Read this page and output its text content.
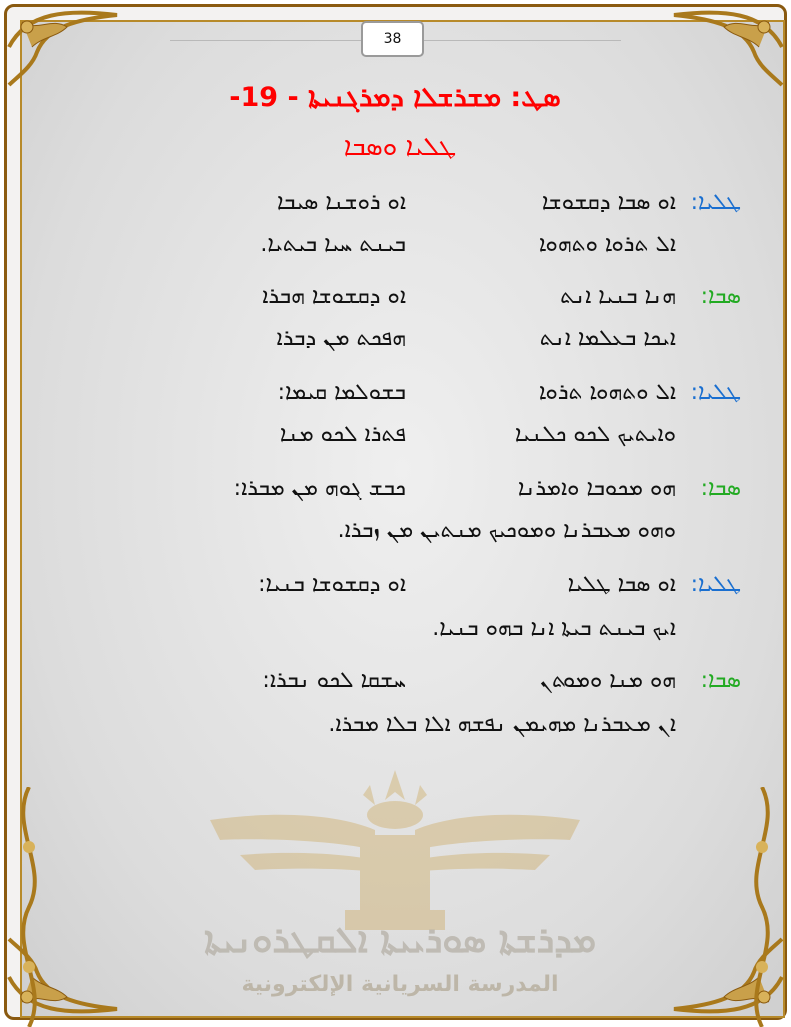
38
ܣܛ: ܡܫܪܫܠܐ ܕܡܪܓܢܝܬܐ - 19-
ܛܠܝܐ ܘܣܒܐ
ܛܠܝܐ:
ܐܘ ܣܒܐ ܕܩܫܘܫܐ
ܐܘ ܪܘܫܢܐ ܣܝܒܐ
ܐܠ ܬܪܘܐ ܘܬܗܘܐ
ܒܝܢܬ ܚܝܐ ܒܝܬܝܐ.
ܣܒܐ:
ܗܢܐ ܒܢܝܐ ܐܢܬ
ܐܘ ܕܩܫܘܫܐ ܗܒܪܐ
ܐܝܟܐ ܒܥܠܡܐ ܐܢܬ
ܗܦܟܬ ܡܢ ܕܒܪܐ
ܛܠܝܐ:
ܐܠ ܘܬܗܘܐ ܬܪܘܐ
ܒܫܘܠܡܐ ܩܝܡܐ:
ܘܐܝܬܝܟ ܠܟܘ ܟܠܢܝܐ
ܦܬܪܐ ܠܟܘ ܡܢܐ
ܣܒܐ:
ܗܘ ܡܟܘܒܐ ܘܐܡܪܢܐ
ܟܒܫ ܓܘܗ ܡܢ ܡܒܪܐ:
ܘܗܘ ܡܥܒܪܢܐ ܘܡܘܟܝܟ ܡܢܬܝܢ ܡܢ ܙܒܪܐ.
ܛܠܝܐ:
ܐܘ ܣܒܐ ܛܠܝܐ
ܐܘ ܕܩܫܘܫܐ ܒܢܝܐ:
ܐܝܟ ܒܝܢܬ ܒܝܬܐ ܐܢܐ ܒܗܘ ܒܢܝܐ.
ܣܒܐ:
ܗܘ ܡܢܐ ܘܡܘܬܢ
ܚܫܩܐ ܠܟܘ ܢܒܪܐ:
ܐܢ ܡܥܒܪܢܐ ܡܗܝܡܢ ܢܦܫܗ ܐܠܐ ܒܠܐ ܡܒܪܐ.
ܡܕܪܫܬܐ ܣܘܪܝܝܬܐ ܐܠܩܛܪܘܢܝܬܐ
المدرسة السريانية الإلكترونية
